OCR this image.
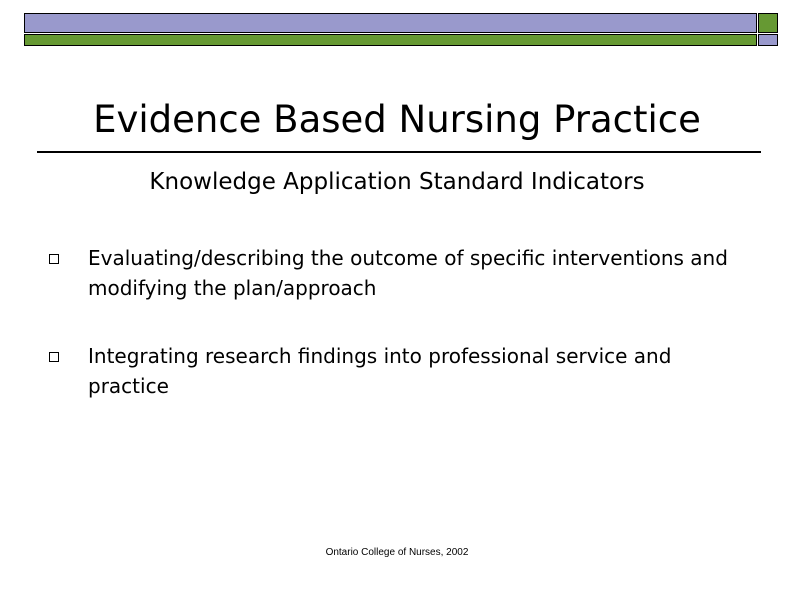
Evidence Based Nursing Practice
Knowledge Application Standard Indicators
Evaluating/describing the outcome of specific interventions and modifying the plan/approach
Integrating research findings into professional service and practice
Ontario College of Nurses, 2002
